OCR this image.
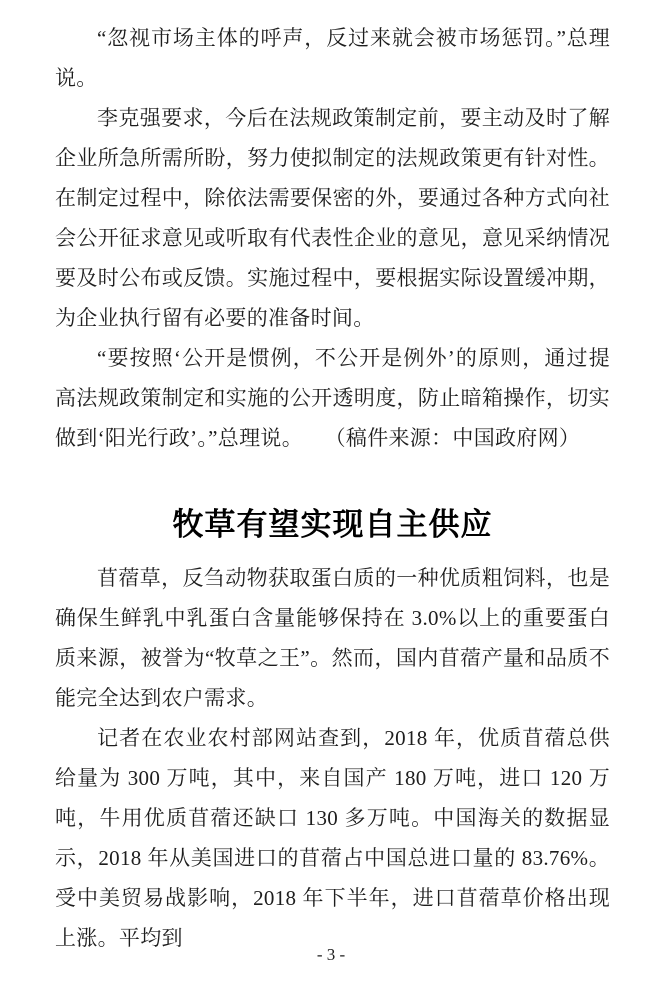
“忽视市场主体的呼声，反过来就会被市场惩罚。”总理说。

李克强要求，今后在法规政策制定前，要主动及时了解企业所急所需所盼，努力使拟制定的法规政策更有针对性。在制定过程中，除依法需要保密的外，要通过各种方式向社会公开征求意见或听取有代表性企业的意见，意见采纳情况要及时公布或反馈。实施过程中，要根据实际设置缓冲期，为企业执行留有必要的准备时间。

“要按照‘公开是惯例，不公开是例外’的原则，通过提高法规政策制定和实施的公开透明度，防止暗箱操作，切实做到‘阳光行政’。”总理说。　　（稿件来源：中国政府网）

牧草有望实现自主供应

苜蓿草，反刍动物获取蛋白质的一种优质粗饲料，也是确保生鲜乳中乳蛋白含量能够保持在 3.0%以上的重要蛋白质来源，被誉为“牧草之王”。然而，国内苜蓿产量和品质不能完全达到农户需求。

记者在农业农村部网站查到，2018 年，优质苜蓿总供给量为 300 万吨，其中，来自国产 180 万吨，进口 120 万吨，牛用优质苜蓿还缺口 130 多万吨。中国海关的数据显示，2018 年从美国进口的苜蓿占中国总进口量的 83.76%。受中美贸易战影响，2018 年下半年，进口苜蓿草价格出现上涨。平均到

- 3 -
